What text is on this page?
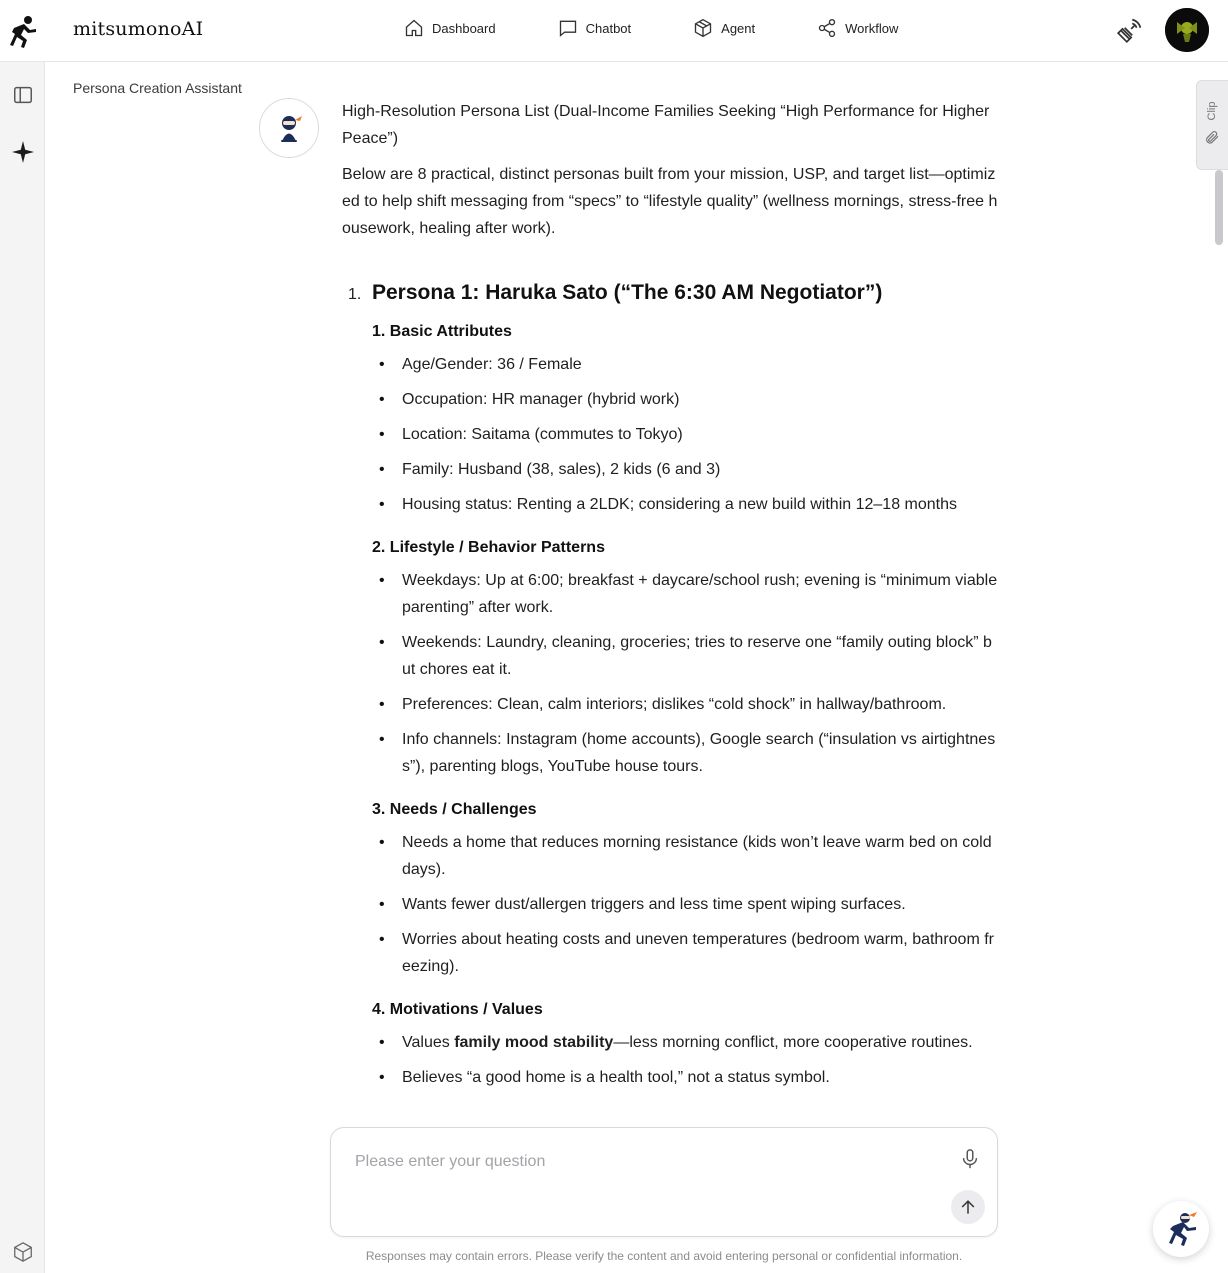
mitsumonoAI	Dashboard	Chatbot	Agent	Workflow
Persona Creation Assistant
Clip

High-Resolution Persona List (Dual-Income Families Seeking “High Performance for Higher Peace”)

Below are 8 practical, distinct personas built from your mission, USP, and target list—optimized to help shift messaging from “specs” to “lifestyle quality” (wellness mornings, stress-free housework, healing after work).

1. Persona 1: Haruka Sato (“The 6:30 AM Negotiator”)
1. Basic Attributes
• Age/Gender: 36 / Female
• Occupation: HR manager (hybrid work)
• Location: Saitama (commutes to Tokyo)
• Family: Husband (38, sales), 2 kids (6 and 3)
• Housing status: Renting a 2LDK; considering a new build within 12–18 months
2. Lifestyle / Behavior Patterns
• Weekdays: Up at 6:00; breakfast + daycare/school rush; evening is “minimum viable parenting” after work.
• Weekends: Laundry, cleaning, groceries; tries to reserve one “family outing block” but chores eat it.
• Preferences: Clean, calm interiors; dislikes “cold shock” in hallway/bathroom.
• Info channels: Instagram (home accounts), Google search (“insulation vs airtightness”), parenting blogs, YouTube house tours.
3. Needs / Challenges
• Needs a home that reduces morning resistance (kids won’t leave warm bed on cold days).
• Wants fewer dust/allergen triggers and less time spent wiping surfaces.
• Worries about heating costs and uneven temperatures (bedroom warm, bathroom freezing).
4. Motivations / Values
• Values family mood stability—less morning conflict, more cooperative routines.
• Believes “a good home is a health tool,” not a status symbol.
Please enter your question
Responses may contain errors. Please verify the content and avoid entering personal or confidential information.
